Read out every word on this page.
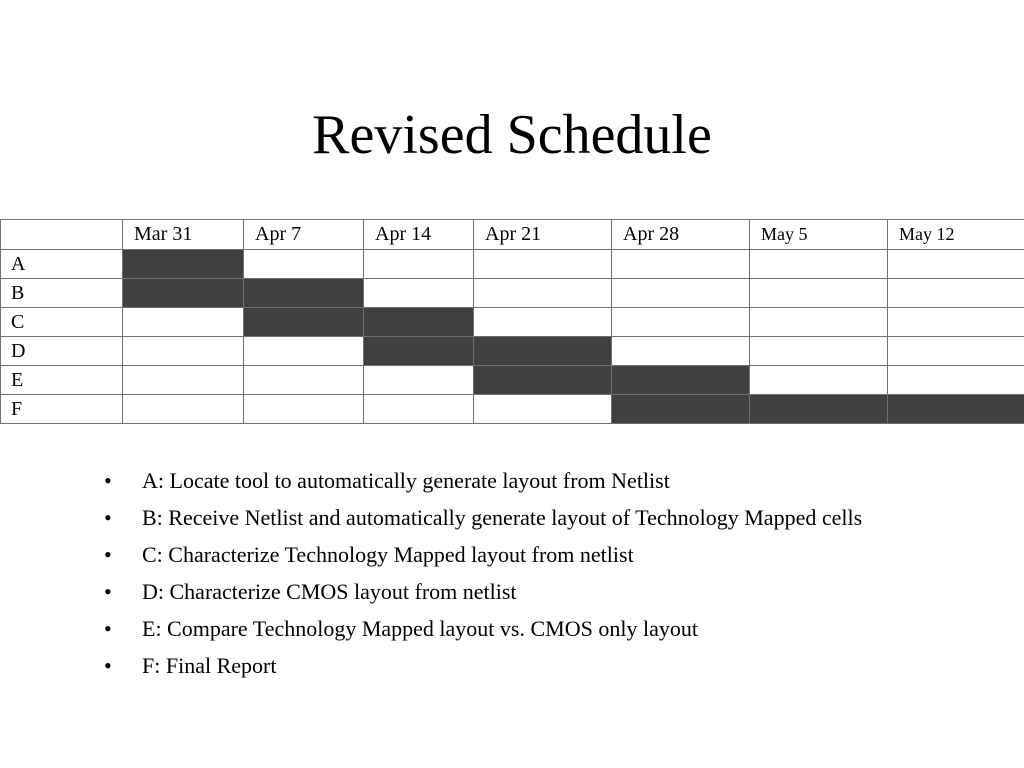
Revised Schedule
	Mar 31	Apr 7	Apr 14	Apr 21	Apr 28	May 5	May 12
A							
B							
C							
D							
E							
F							
• A: Locate tool to automatically generate layout from Netlist
• B: Receive Netlist and automatically generate layout of Technology Mapped cells
• C: Characterize Technology Mapped layout from netlist
• D: Characterize CMOS layout from netlist
• E: Compare Technology Mapped layout vs. CMOS only layout
• F: Final Report
